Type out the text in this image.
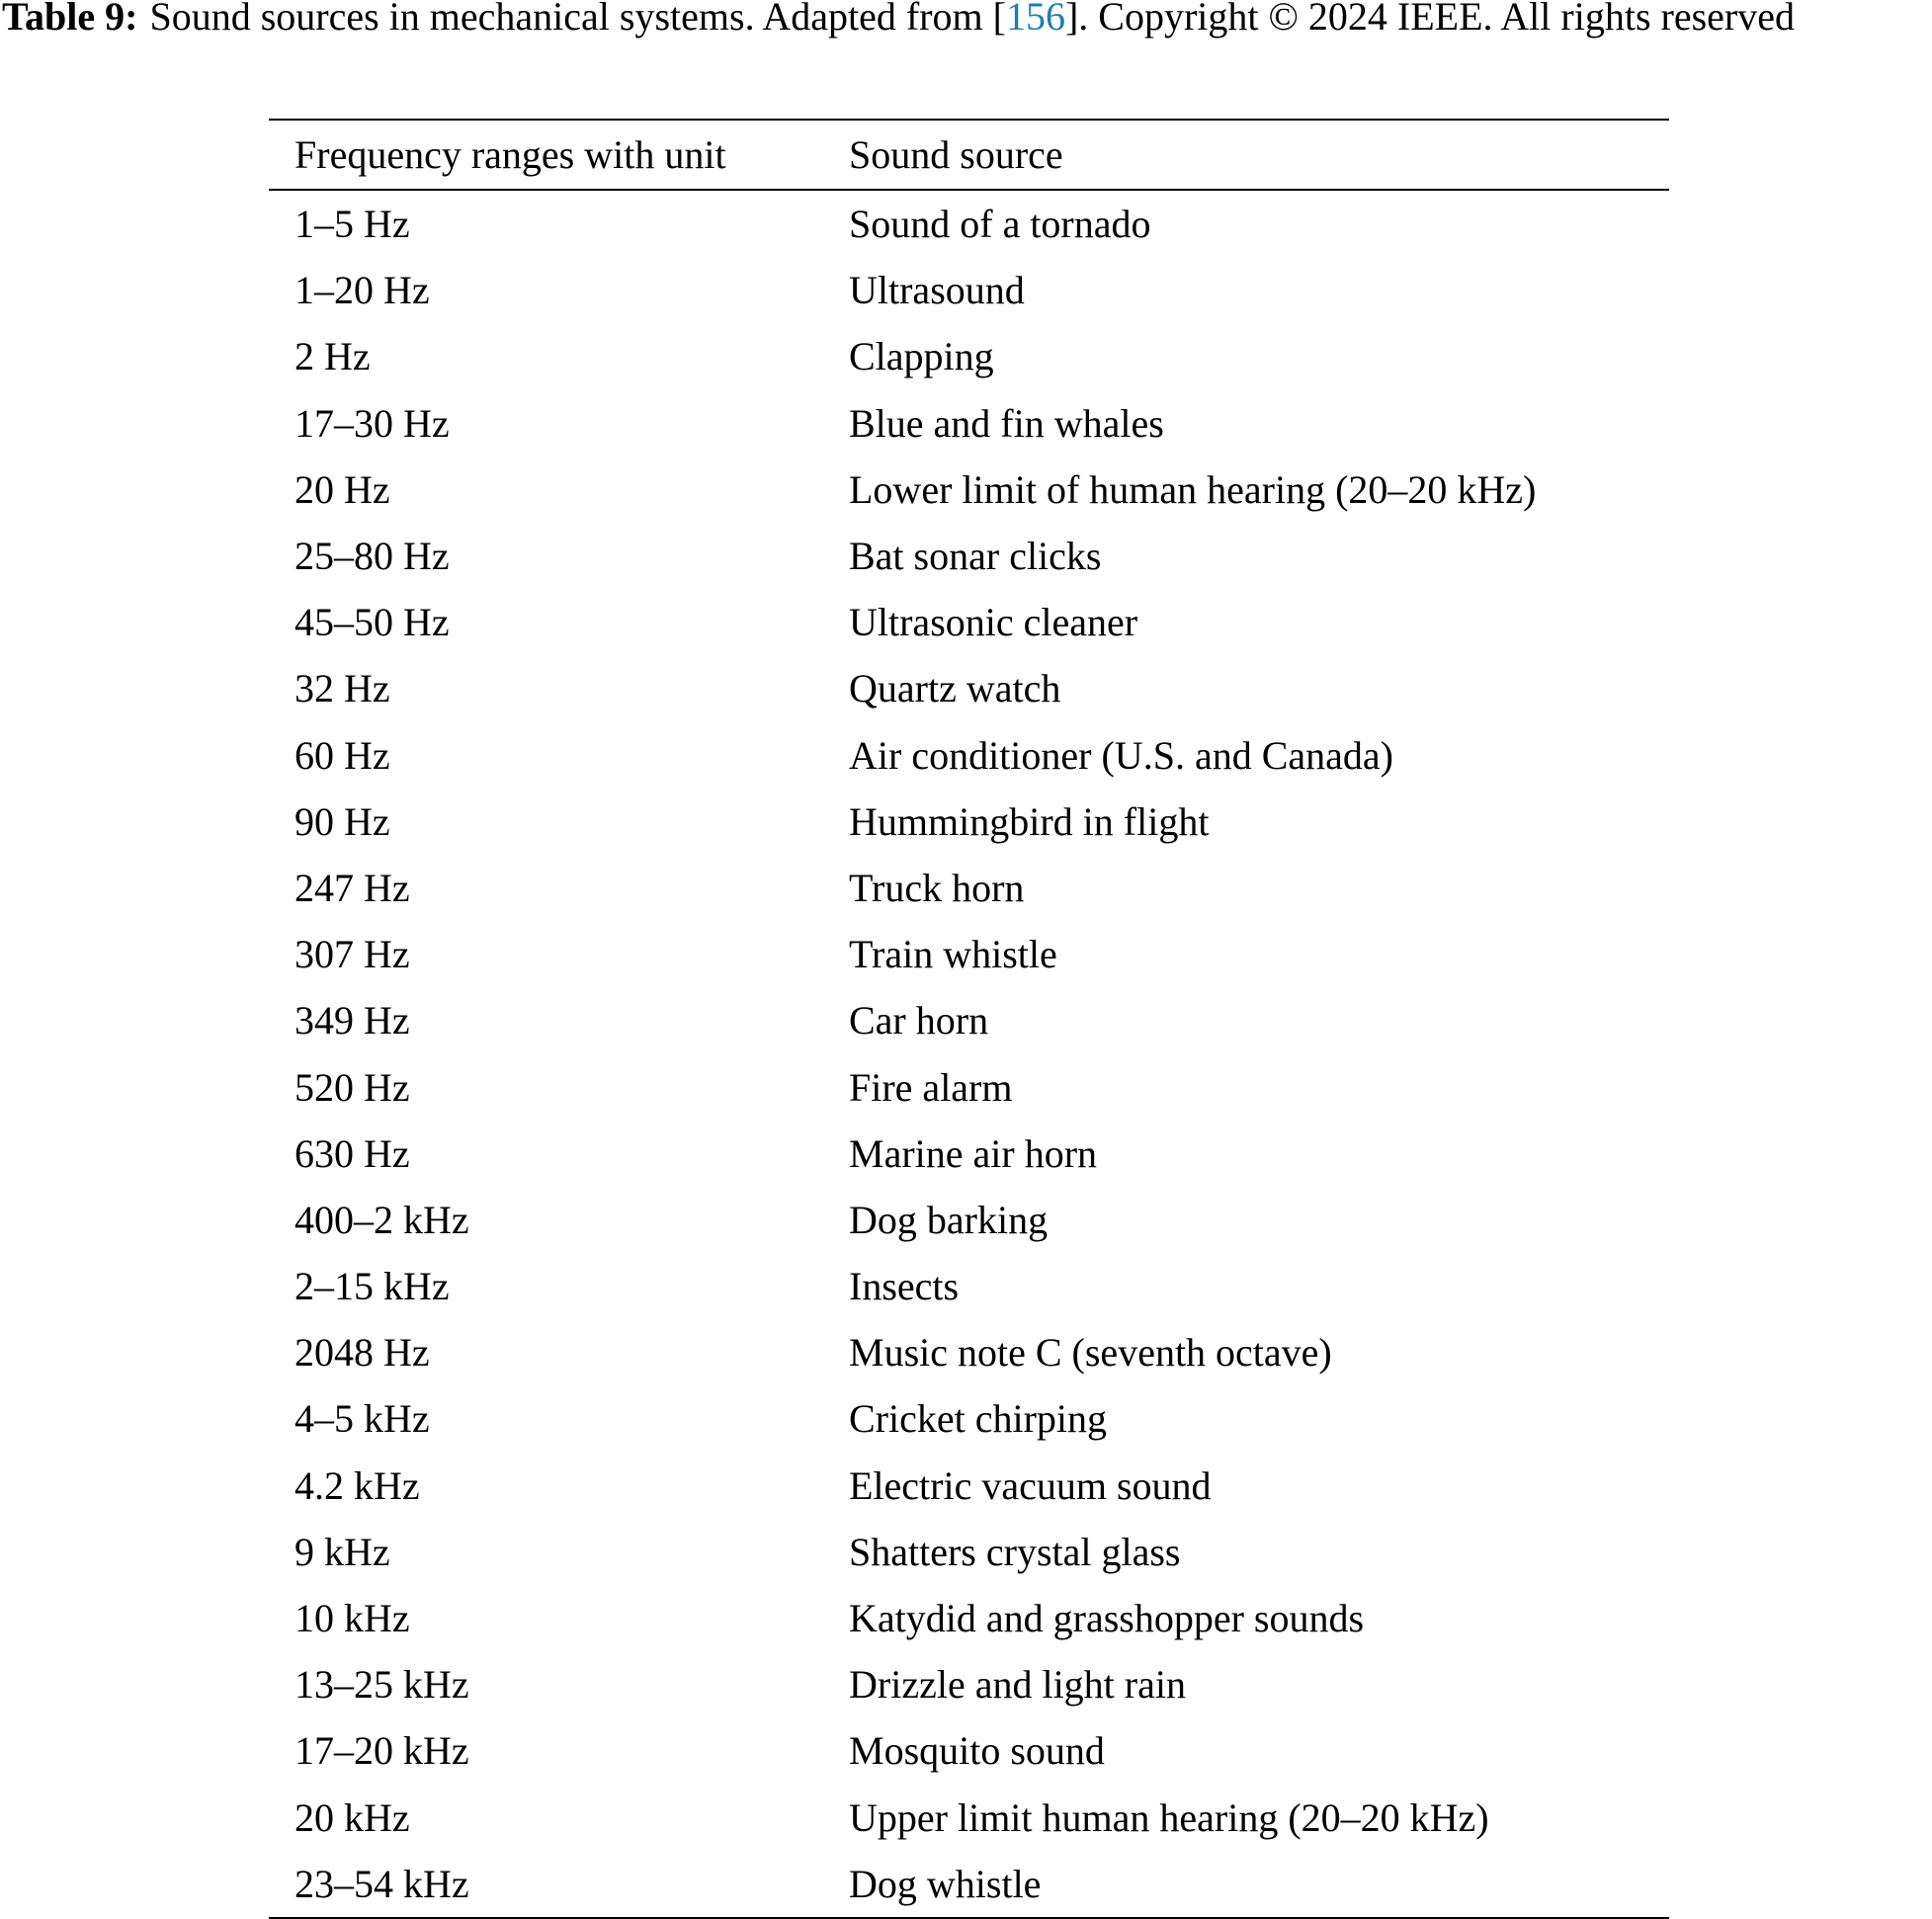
Table 9: Sound sources in mechanical systems. Adapted from [156]. Copyright © 2024 IEEE. All rights reserved

Frequency ranges with unit	Sound source
1–5 Hz	Sound of a tornado
1–20 Hz	Ultrasound
2 Hz	Clapping
17–30 Hz	Blue and fin whales
20 Hz	Lower limit of human hearing (20–20 kHz)
25–80 Hz	Bat sonar clicks
45–50 Hz	Ultrasonic cleaner
32 Hz	Quartz watch
60 Hz	Air conditioner (U.S. and Canada)
90 Hz	Hummingbird in flight
247 Hz	Truck horn
307 Hz	Train whistle
349 Hz	Car horn
520 Hz	Fire alarm
630 Hz	Marine air horn
400–2 kHz	Dog barking
2–15 kHz	Insects
2048 Hz	Music note C (seventh octave)
4–5 kHz	Cricket chirping
4.2 kHz	Electric vacuum sound
9 kHz	Shatters crystal glass
10 kHz	Katydid and grasshopper sounds
13–25 kHz	Drizzle and light rain
17–20 kHz	Mosquito sound
20 kHz	Upper limit human hearing (20–20 kHz)
23–54 kHz	Dog whistle
